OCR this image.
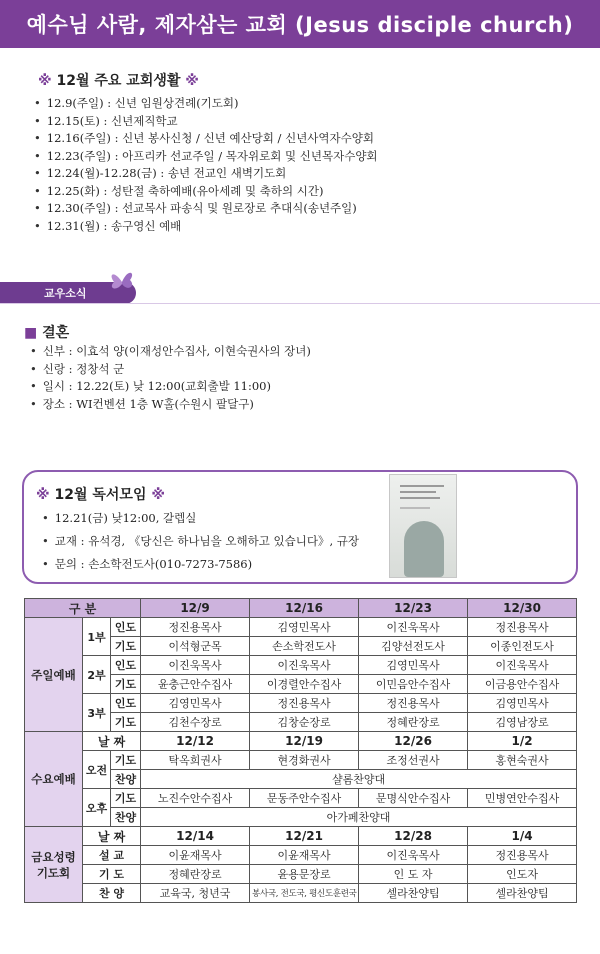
예수님 사람, 제자삼는 교회 (Jesus disciple church)
※ 12월 주요 교회생활 ※
• 12.9(주일) : 신년 임원상견례(기도회)
• 12.15(토) : 신년제직학교
• 12.16(주일) : 신년 봉사신청 / 신년 예산당회 / 신년사역자수양회
• 12.23(주일) : 아프리카 선교주일 / 목자위로회 및 신년목자수양회
• 12.24(월)-12.28(금) : 송년 전교인 새벽기도회
• 12.25(화) : 성탄절 축하예배(유아세례 및 축하의 시간)
• 12.30(주일) : 선교목사 파송식 및 원로장로 추대식(송년주일)
• 12.31(월) : 송구영신 예배
교우소식
■ 결혼
• 신부 : 이효석 양(이재성안수집사, 이현숙권사의 장녀)
• 신랑 : 정창석 군
• 일시 : 12.22(토) 낮 12:00(교회출발 11:00)
• 장소 : WI컨벤션 1층 W홀(수원시 팔달구)
※ 12월 독서모임 ※
• 12.21(금) 낮12:00, 갈렙실
• 교재 : 유석경, 《당신은 하나님을 오해하고 있습니다》, 규장
• 문의 : 손소학전도사(010-7273-7586)
구 분			12/9	12/16	12/23	12/30
주일예배	1부	인도	정진용목사	김영민목사	이진욱목사	정진용목사
		기도	이석형군목	손소학전도사	김양선전도사	이종인전도사
	2부	인도	이진욱목사	이진욱목사	김영민목사	이진욱목사
		기도	윤충근안수집사	이경렬안수집사	이민음안수집사	이금용안수집사
	3부	인도	김영민목사	정진용목사	정진용목사	김영민목사
		기도	김천수장로	김창순장로	정혜란장로	김영남장로
수요예배	날 짜		12/12	12/19	12/26	1/2
	오전	기도	탁옥희권사	현경화권사	조정선권사	홍현숙권사
		찬양	샬롬찬양대			
	오후	기도	노진수안수집사	문동주안수집사	문명식안수집사	민병연안수집사
		찬양	아가페찬양대			

금요성령
기도회	날 짜		12/14	12/21	12/28	1/4
	설 교		이윤재목사	이윤재목사	이진욱목사	정진용목사
	기 도		정혜란장로	윤용문장로	인 도 자	인도자
	찬 양		교육국, 청년국	봉사국, 전도국, 평신도훈련국	셀라찬양팀	셀라찬양팀
